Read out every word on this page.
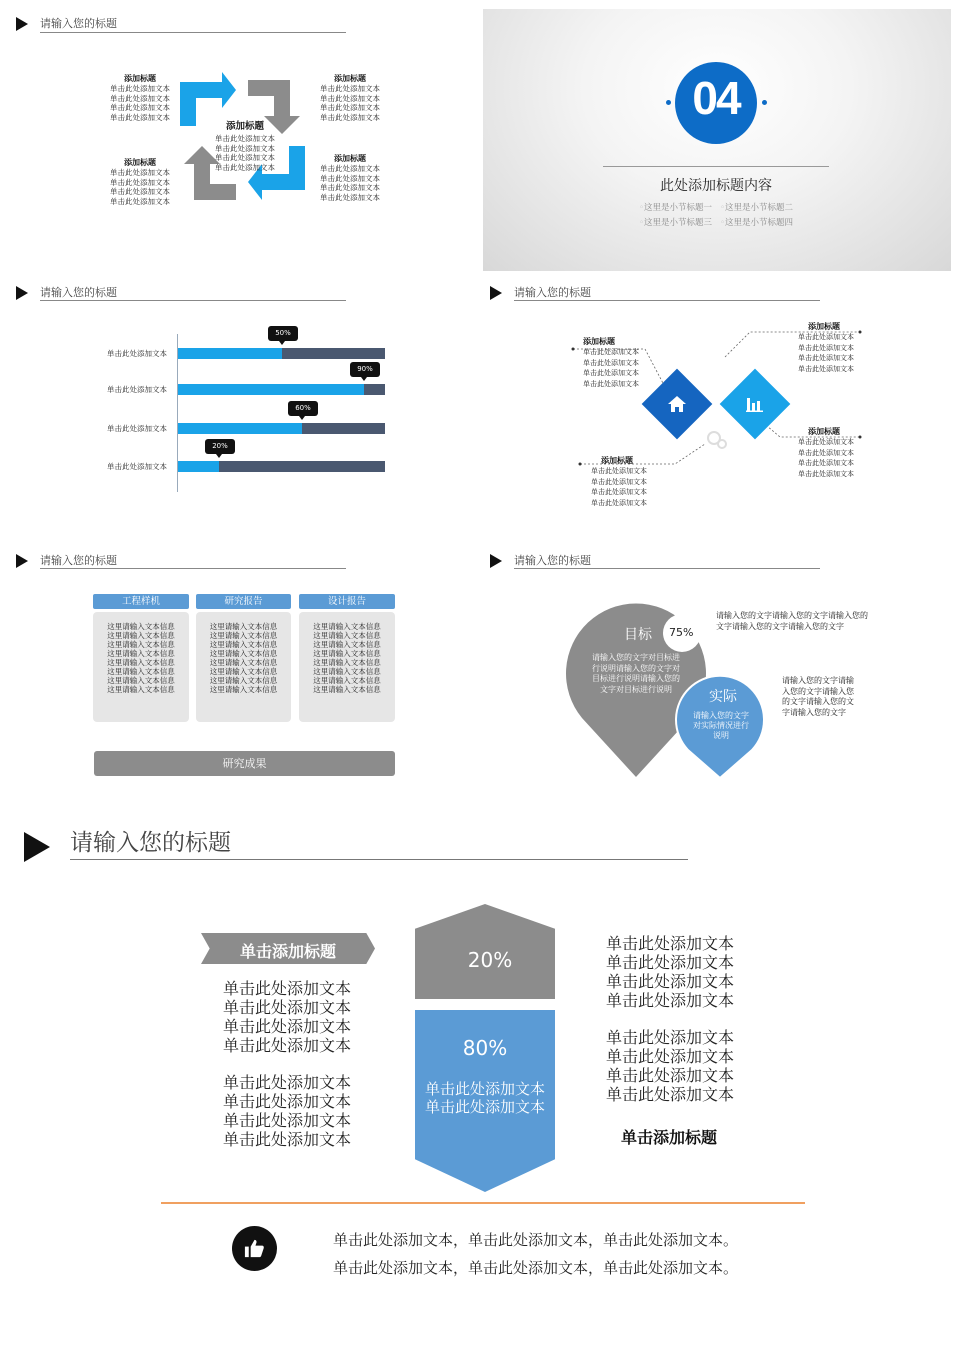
请输入您的标题
添加标题
单击此处添加文本
单击此处添加文本
单击此处添加文本
单击此处添加文本
添加标题
单击此处添加文本
单击此处添加文本
单击此处添加文本
单击此处添加文本
添加标题
单击此处添加文本
单击此处添加文本
单击此处添加文本
单击此处添加文本
添加标题
单击此处添加文本
单击此处添加文本
单击此处添加文本
单击此处添加文本
添加标题
单击此处添加文本
单击此处添加文本
单击此处添加文本
单击此处添加文本
04
此处添加标题内容
◦这里是小节标题一 ◦这里是小节标题二
◦这里是小节标题三 ◦这里是小节标题四
请输入您的标题
单击此处添加文本
50%
单击此处添加文本
90%
单击此处添加文本
60%
单击此处添加文本
20%
请输入您的标题
添加标题
单击此处添加文本
单击此处添加文本
单击此处添加文本
单击此处添加文本
添加标题
单击此处添加文本
单击此处添加文本
单击此处添加文本
单击此处添加文本
添加标题
单击此处添加文本
单击此处添加文本
单击此处添加文本
单击此处添加文本
添加标题
单击此处添加文本
单击此处添加文本
单击此处添加文本
单击此处添加文本
请输入您的标题
工程样机
这里请输入文本信息
这里请输入文本信息
这里请输入文本信息
这里请输入文本信息
这里请输入文本信息
这里请输入文本信息
这里请输入文本信息
这里请输入文本信息
研究报告
这里请输入文本信息
这里请输入文本信息
这里请输入文本信息
这里请输入文本信息
这里请输入文本信息
这里请输入文本信息
这里请输入文本信息
这里请输入文本信息
设计报告
这里请输入文本信息
这里请输入文本信息
这里请输入文本信息
这里请输入文本信息
这里请输入文本信息
这里请输入文本信息
这里请输入文本信息
这里请输入文本信息
研究成果
请输入您的标题
目标 75%
请输入您的文字对目标进行说明请输入您的文字对目标进行说明请输入您的文字对目标进行说明	实际
请输入您的文字对实际情况进行说明
请输入您的文字请输入您的文字请输入您的文字请输入您的文字请输入您的文字
请输入您的文字请输入您的文字请输入您的文字请输入您的文字请输入您的文字
请输入您的标题
单击添加标题
单击此处添加文本
单击此处添加文本
单击此处添加文本
单击此处添加文本
单击此处添加文本
单击此处添加文本
单击此处添加文本
单击此处添加文本
20%
80%
单击此处添加文本
单击此处添加文本
单击此处添加文本
单击此处添加文本
单击此处添加文本
单击此处添加文本
单击此处添加文本
单击此处添加文本
单击此处添加文本
单击此处添加文本
单击添加标题
单击此处添加文本，单击此处添加文本，单击此处添加文本。
单击此处添加文本，单击此处添加文本，单击此处添加文本。
